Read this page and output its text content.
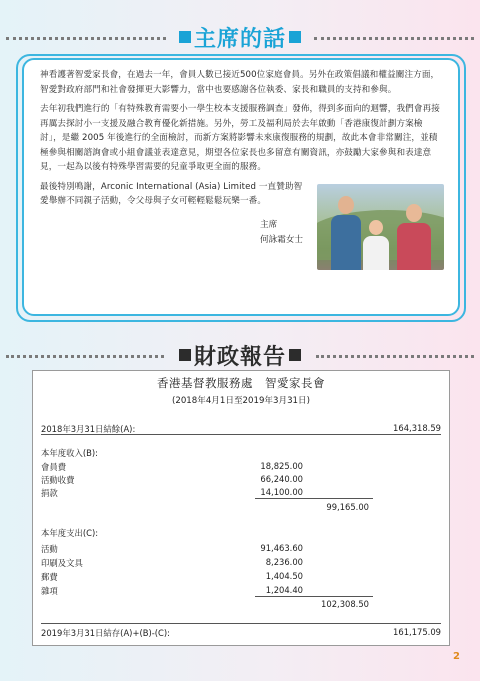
主席的話

神看護著智愛家長會，在過去一年，會員人數已接近500位家庭會員。另外在政策倡議和權益關注方面，智愛對政府部門和社會發揮更大影響力，當中也要感謝各位執委、家長和職員的支持和參與。

去年初我們進行的「有特殊教育需要小一學生校本支援服務調查」發佈，得到多面向的迴響，我們會再接再厲去探討小一支援及融合教育優化新措施。另外，勞工及福利局於去年啟動「香港康復計劃方案檢討」，是繼 2005 年後進行的全面檢討，而新方案將影響未來康復服務的規劃，故此本會非常關注，並積極參與相關諮詢會或小組會議並表達意見，期望各位家長也多留意有關資訊，亦鼓勵大家參與和表達意見，一起為以後有特殊學習需要的兒童爭取更全面的服務。

最後特別鳴謝，Arconic International (Asia) Limited 一直贊助智愛舉辦不同親子活動，令父母與子女可輕輕鬆鬆玩樂一番。

主席
何詠霜女士
財政報告
香港基督教服務處　智愛家長會
(2018年4月1日至2019年3月31日)
2018年3月31日結餘(A):	164,318.59
本年度收入(B):
會員費	18,825.00
活動收費	66,240.00
捐款	14,100.00
99,165.00
本年度支出(C):
活動	91,463.60
印刷及文具	8,236.00
郵費	1,404.50
雜項	1,204.40
102,308.50
2019年3月31日結存(A)+(B)-(C):	161,175.09
2
